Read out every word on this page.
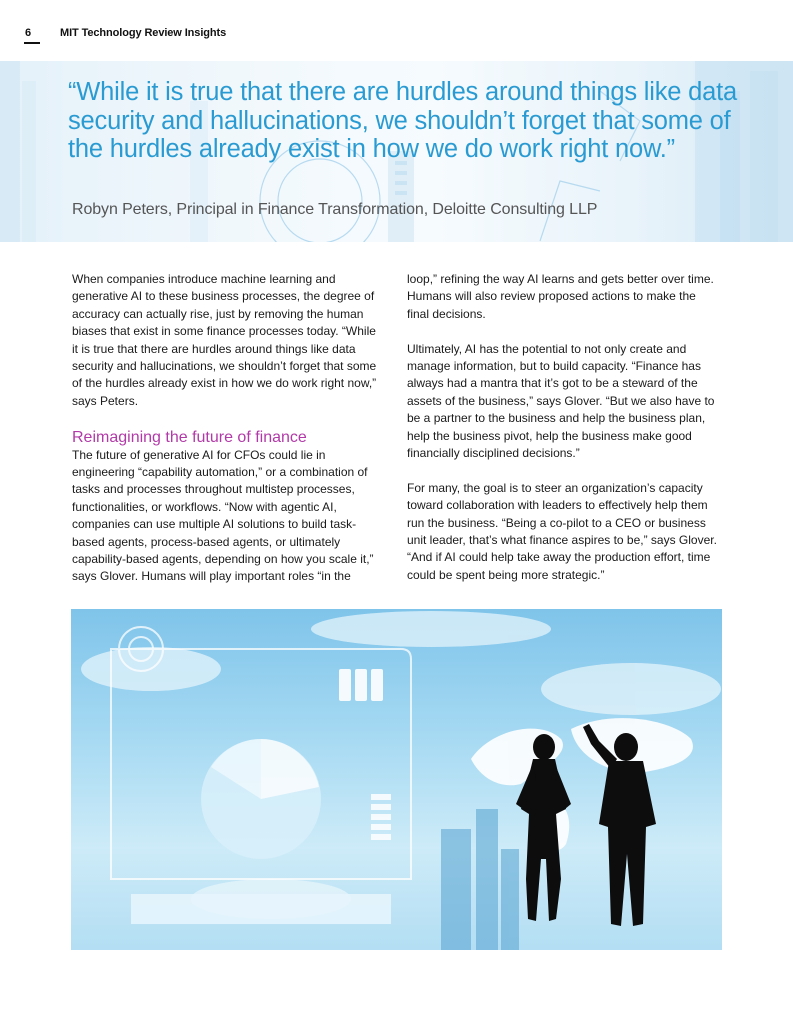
6	MIT Technology Review Insights

“While it is true that there are hurdles around things like data security and hallucinations, we shouldn’t forget that some of the hurdles already exist in how we do work right now.”

Robyn Peters, Principal in Finance Transformation, Deloitte Consulting LLP

When companies introduce machine learning and generative AI to these business processes, the degree of accuracy can actually rise, just by removing the human biases that exist in some finance processes today. “While it is true that there are hurdles around things like data security and hallucinations, we shouldn’t forget that some of the hurdles already exist in how we do work right now,” says Peters.

Reimagining the future of finance

The future of generative AI for CFOs could lie in engineering “capability automation,” or a combination of tasks and processes throughout multistep processes, functionalities, or workflows. “Now with agentic AI, companies can use multiple AI solutions to build task-based agents, process-based agents, or ultimately capability-based agents, depending on how you scale it,” says Glover. Humans will play important roles “in the

loop,” refining the way AI learns and gets better over time. Humans will also review proposed actions to make the final decisions.

Ultimately, AI has the potential to not only create and manage information, but to build capacity. “Finance has always had a mantra that it’s got to be a steward of the assets of the business,” says Glover. “But we also have to be a partner to the business and help the business plan, help the business pivot, help the business make good financially disciplined decisions.”

For many, the goal is to steer an organization’s capacity toward collaboration with leaders to effectively help them run the business. “Being a co-pilot to a CEO or business unit leader, that’s what finance aspires to be,” says Glover. “And if AI could help take away the production effort, time could be spent being more strategic.”
